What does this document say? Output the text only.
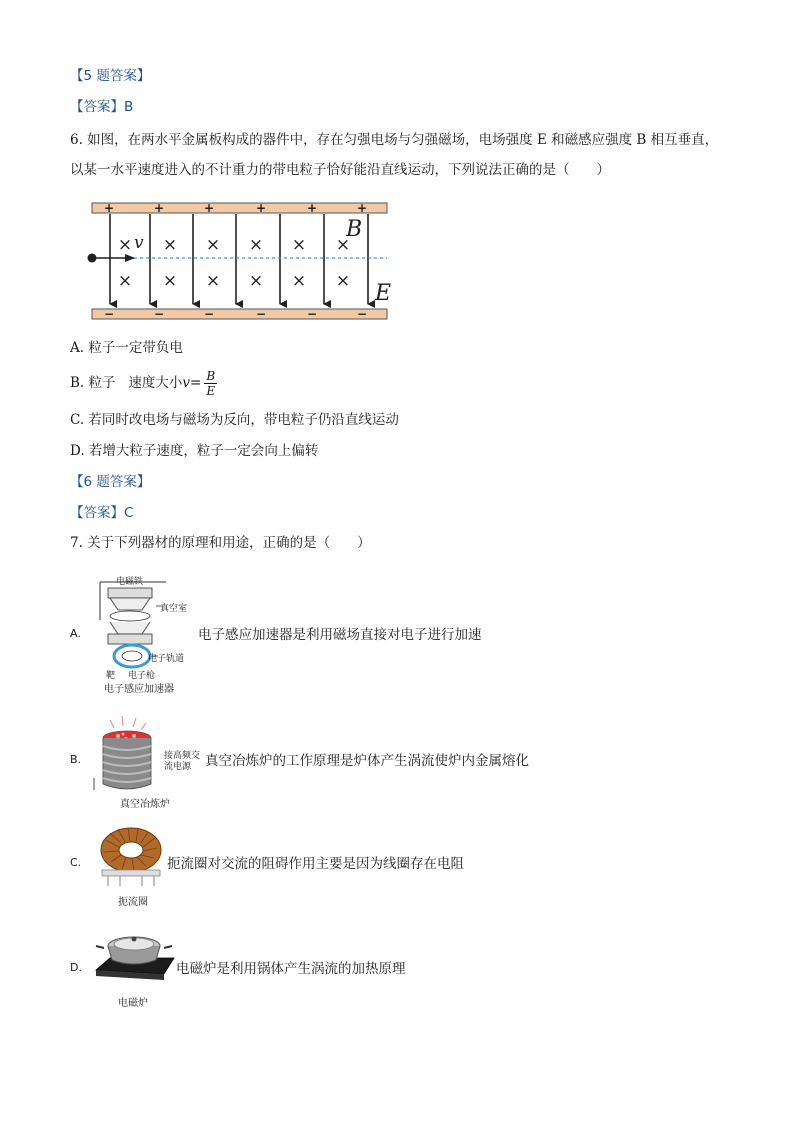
【5 题答案】
【答案】B
6. 如图，在两水平金属板构成的器件中，存在匀强电场与匀强磁场，电场强度 E 和磁感应强度 B 相互垂直，
以某一水平速度进入的不计重力的带电粒子恰好能沿直线运动，下列说法正确的是（　　）
+	+	+	+	+	+
−	−	−	−	−	−
×
×
×
×
×
×
×
×
×
×
×
×
v
B
E
A. 粒子一定带负电
B. 粒子 速度大小$v= \frac{B}{E}$
C. 若同时改电场与磁场为反向，带电粒子仍沿直线运动
D. 若增大粒子速度，粒子一定会向上偏转
【6 题答案】
【答案】C
7. 关于下列器材的原理和用途，正确的是（　　）
A.
电磁铁
真空室
电子轨道
靶 电子枪
电子感应加速器
电子感应加速器是利用磁场直接对电子进行加速
B.	接高频交
流电源
真空冶炼炉
真空冶炼炉的工作原理是炉体产生涡流使炉内金属熔化
C.
扼流圈
扼流圈对交流的阻碍作用主要是因为线圈存在电阻
D.
电磁炉
电磁炉是利用锅体产生涡流的加热原理
